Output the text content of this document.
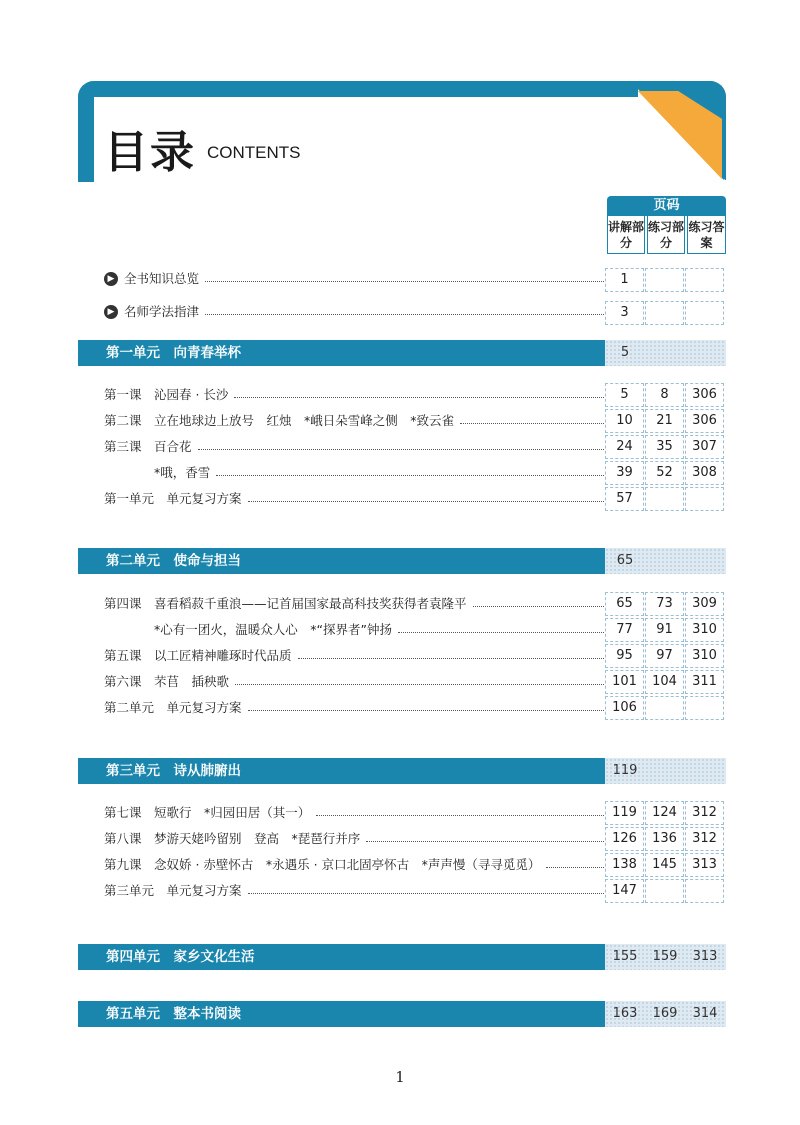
目录 CONTENTS
页码
讲解部分
练习部分
练习答案
▶ 全书知识总览	1
▶ 名师学法指津	3
第一单元　向青春举杯	5
第一课　沁园春 · 长沙	5	8	306
第二课　立在地球边上放号　红烛　*峨日朵雪峰之侧　*致云雀	10	21	306
第三课　百合花	24	35	307
　　　　*哦，香雪	39	52	308
第一单元　单元复习方案	57
第二单元　使命与担当	65
第四课　喜看稻菽千重浪——记首届国家最高科技奖获得者袁隆平	65	73	309
　　　　*心有一团火，温暖众人心　*“探界者”钟扬	77	91	310
第五课　以工匠精神雕琢时代品质	95	97	310
第六课　芣苢　插秧歌	101	104	311
第二单元　单元复习方案	106
第三单元　诗从肺腑出	119
第七课　短歌行　*归园田居（其一）	119	124	312
第八课　梦游天姥吟留别　登高　*琵琶行并序	126	136	312
第九课　念奴娇 · 赤壁怀古　*永遇乐 · 京口北固亭怀古　*声声慢（寻寻觅觅）	138	145	313
第三单元　单元复习方案	147
第四单元　家乡文化生活	155	159	313
第五单元　整本书阅读	163	169	314
1
